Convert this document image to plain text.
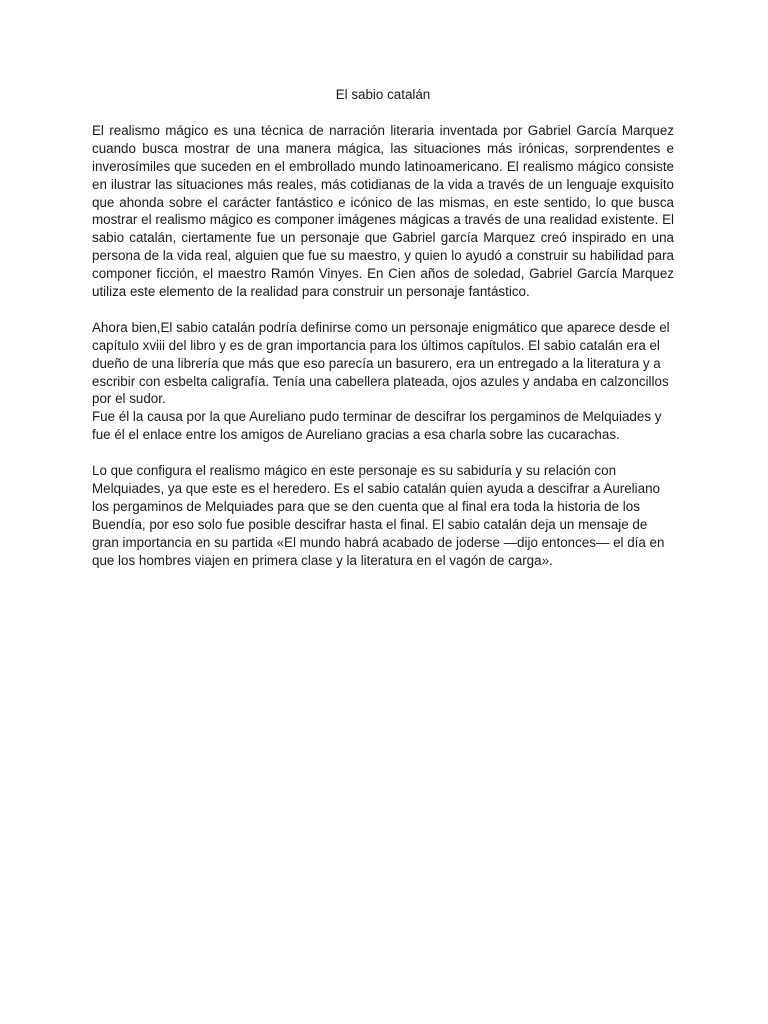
El sabio catalán

El realismo mágico es una técnica de narración literaria inventada por Gabriel García Marquez cuando busca mostrar de una manera mágica, las situaciones más irónicas, sorprendentes e inverosímiles que suceden en el embrollado mundo latinoamericano. El realismo mágico consiste en ilustrar las situaciones más reales, más cotidianas de la vida a través de un lenguaje exquisito que ahonda sobre el carácter fantástico e icónico de las mismas, en este sentido, lo que busca mostrar el realismo mágico es componer imágenes mágicas a través de una realidad existente. El sabio catalán, ciertamente fue un personaje que Gabriel garcía Marquez creó inspirado en una persona de la vida real, alguien que fue su maestro, y quien lo ayudó a construir su habilidad para componer ficción, el maestro Ramón Vinyes. En Cien años de soledad, Gabriel García Marquez utiliza este elemento de la realidad para construir un personaje fantástico.

Ahora bien,El sabio catalán podría definirse como un personaje enigmático que aparece desde el capítulo xviii del libro y es de gran importancia para los últimos capítulos. El sabio catalán era el dueño de una librería que más que eso parecía un basurero, era un entregado a la literatura y a escribir con esbelta caligrafía. Tenía una cabellera plateada, ojos azules y andaba en calzoncillos por el sudor.

Fue él la causa por la que Aureliano pudo terminar de descifrar los pergaminos de Melquiades y fue él el enlace entre los amigos de Aureliano gracias a esa charla sobre las cucarachas.

Lo que configura el realismo mágico en este personaje es su sabiduría y su relación con Melquiades, ya que este es el heredero. Es el sabio catalán quien ayuda a descifrar a Aureliano los pergaminos de Melquiades para que se den cuenta que al final era toda la historia de los Buendía, por eso solo fue posible descifrar hasta el final. El sabio catalán deja un mensaje de gran importancia en su partida «El mundo habrá acabado de joderse —dijo entonces— el día en que los hombres viajen en primera clase y la literatura en el vagón de carga».
